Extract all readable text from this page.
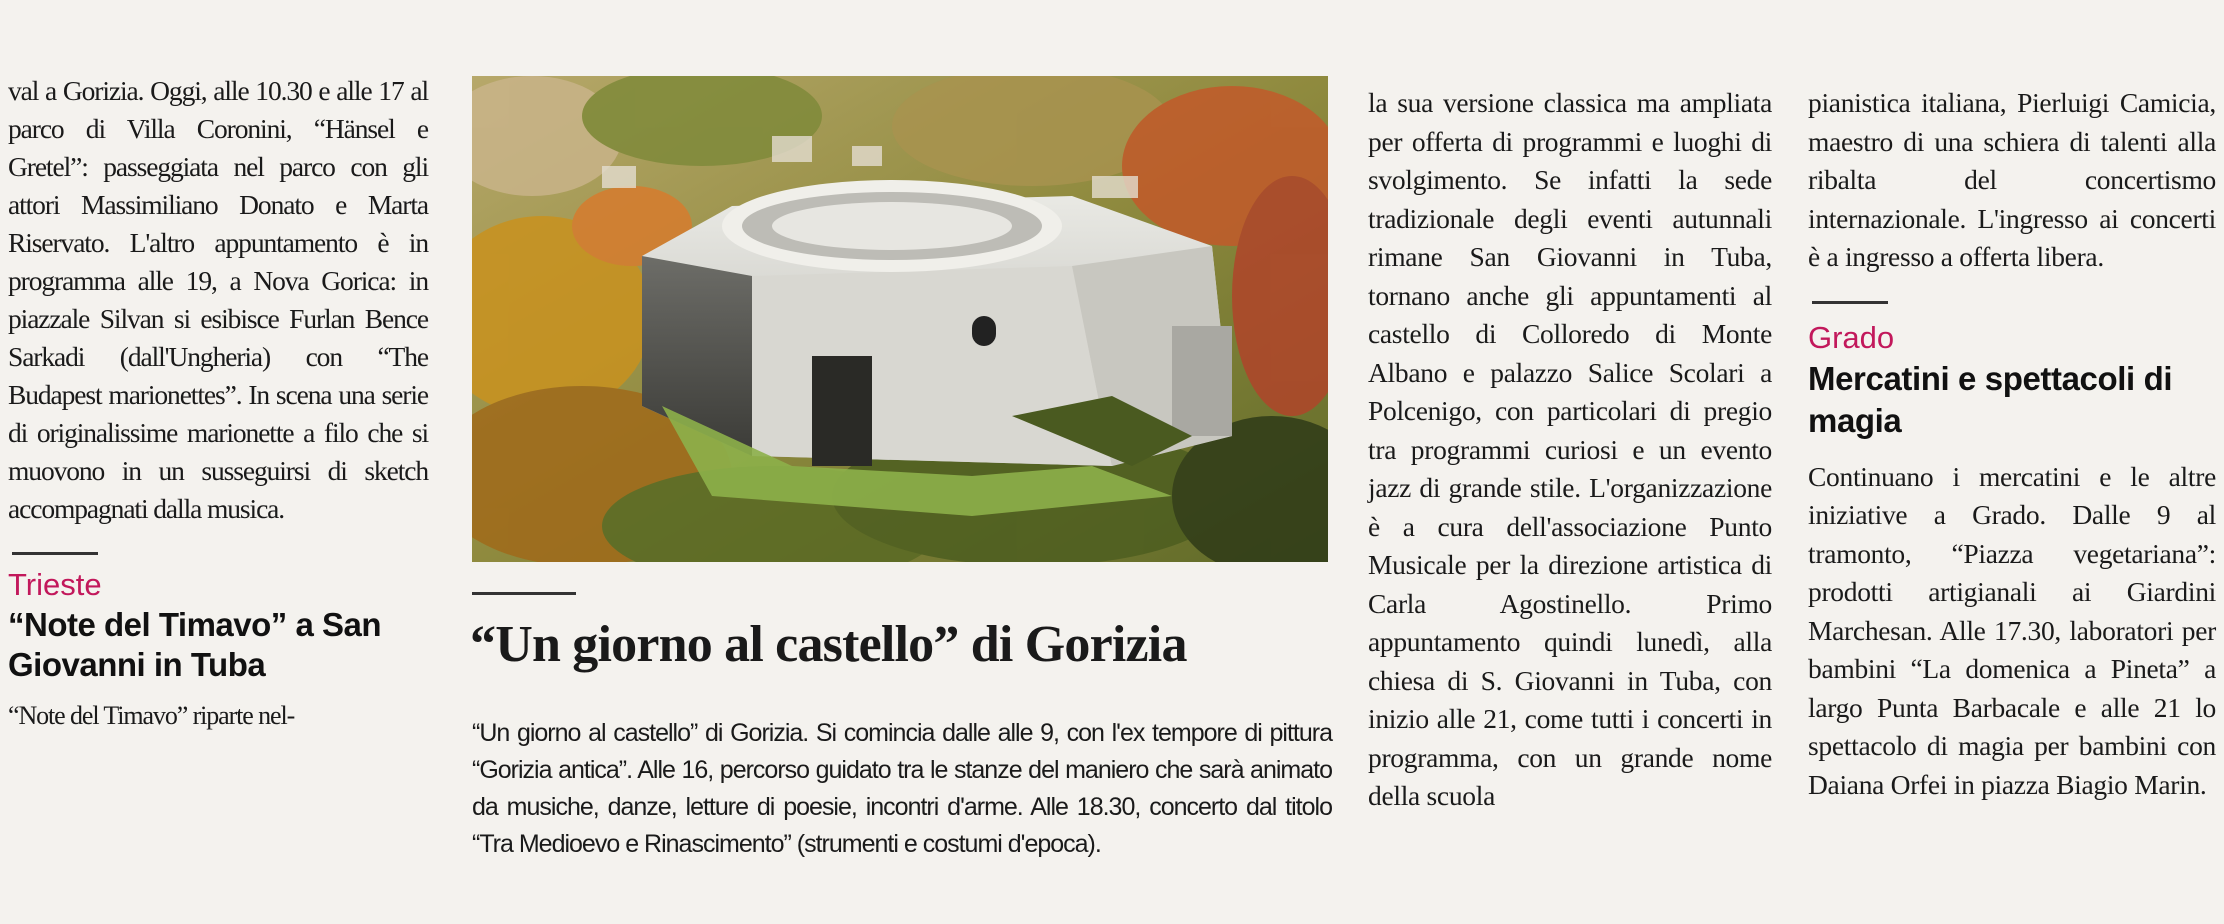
val a Gorizia. Oggi, alle 10.30 e alle 17 al parco di Villa Coronini, “Hänsel e Gretel”: passeggiata nel parco con gli attori Massimiliano Donato e Marta Riservato. L'altro appuntamento è in programma alle 19, a Nova Gorica: in piazzale Silvan si esibisce Furlan Bence Sarkadi (dall'Ungheria) con “The Budapest marionettes”. In scena una serie di originalissime marionette a filo che si muovono in un susseguirsi di sketch accompagnati dalla musica.

Trieste
“Note del Timavo” a San Giovanni in Tuba

“Note del Timavo” riparte nel-

“Un giorno al castello” di Gorizia

“Un giorno al castello” di Gorizia. Si comincia dalle alle 9, con l'ex tempore di pittura “Gorizia antica”. Alle 16, percorso guidato tra le stanze del maniero che sarà animato da musiche, danze, letture di poesie, incontri d'arme. Alle 18.30, concerto dal titolo “Tra Medioevo e Rinascimento” (strumenti e costumi d'epoca).

la sua versione classica ma ampliata per offerta di programmi e luoghi di svolgimento. Se infatti la sede tradizionale degli eventi autunnali rimane San Giovanni in Tuba, tornano anche gli appuntamenti al castello di Colloredo di Monte Albano e palazzo Salice Scolari a Polcenigo, con particolari di pregio tra programmi curiosi e un evento jazz di grande stile. L'organizzazione è a cura dell'associazione Punto Musicale per la direzione artistica di Carla Agostinello. Primo appuntamento quindi lunedì, alla chiesa di S. Giovanni in Tuba, con inizio alle 21, come tutti i concerti in programma, con un grande nome della scuola

pianistica italiana, Pierluigi Camicia, maestro di una schiera di talenti alla ribalta del concertismo internazionale. L'ingresso ai concerti è a ingresso a offerta libera.

Grado
Mercatini e spettacoli di magia

Continuano i mercatini e le altre iniziative a Grado. Dalle 9 al tramonto, “Piazza vegetariana”: prodotti artigianali ai Giardini Marchesan. Alle 17.30, laboratori per bambini “La domenica a Pineta” a largo Punta Barbacale e alle 21 lo spettacolo di magia per bambini con Daiana Orfei in piazza Biagio Marin.
